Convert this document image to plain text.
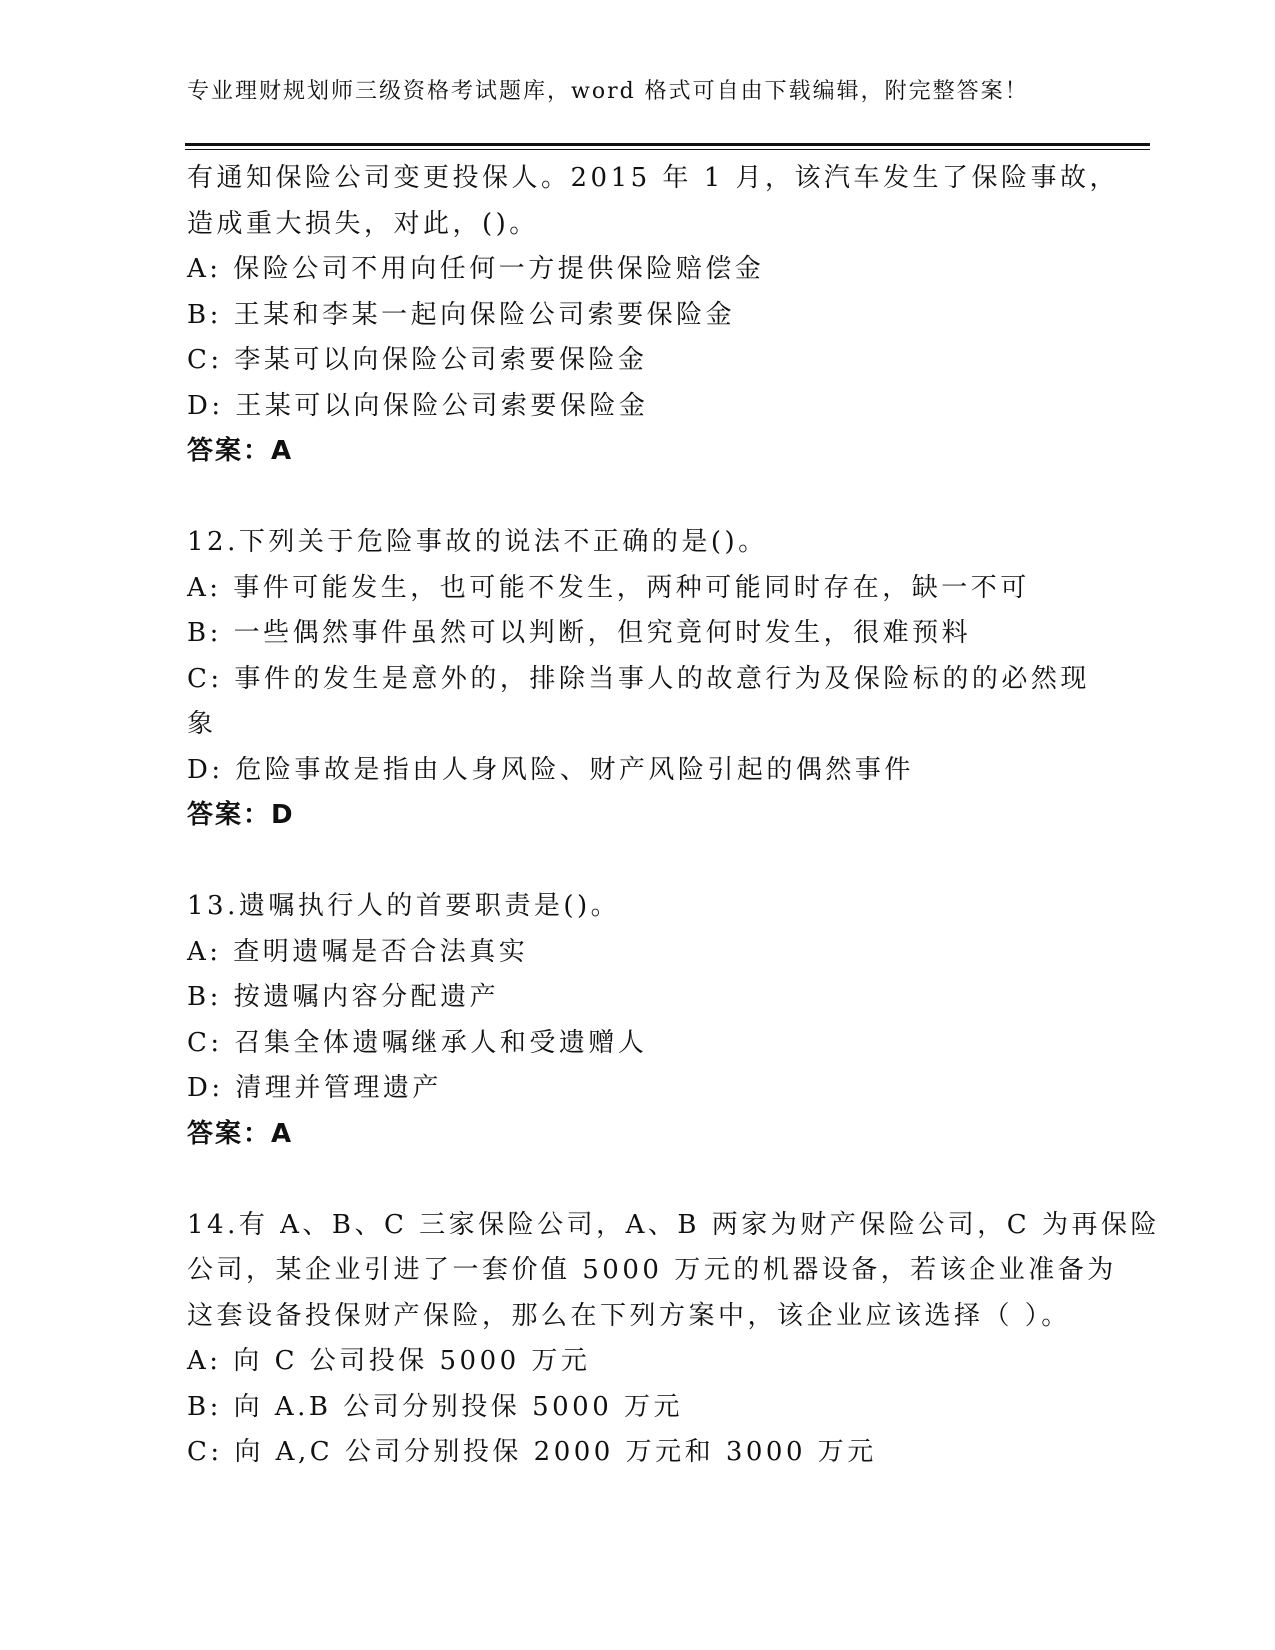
专业理财规划师三级资格考试题库，word 格式可自由下载编辑，附完整答案！
有通知保险公司变更投保人。2015 年 1 月，该汽车发生了保险事故，
造成重大损失，对此，()。
A: 保险公司不用向任何一方提供保险赔偿金
B: 王某和李某一起向保险公司索要保险金
C: 李某可以向保险公司索要保险金
D: 王某可以向保险公司索要保险金
答案：A
12.下列关于危险事故的说法不正确的是()。
A: 事件可能发生，也可能不发生，两种可能同时存在，缺一不可
B: 一些偶然事件虽然可以判断，但究竟何时发生，很难预料
C: 事件的发生是意外的，排除当事人的故意行为及保险标的的必然现
象
D: 危险事故是指由人身风险、财产风险引起的偶然事件
答案：D
13.遗嘱执行人的首要职责是()。
A: 查明遗嘱是否合法真实
B: 按遗嘱内容分配遗产
C: 召集全体遗嘱继承人和受遗赠人
D: 清理并管理遗产
答案：A
14.有 A、B、C 三家保险公司，A、B 两家为财产保险公司，C 为再保险
公司，某企业引进了一套价值 5000 万元的机器设备，若该企业准备为
这套设备投保财产保险，那么在下列方案中，该企业应该选择（ ）。
A: 向 C 公司投保 5000 万元
B: 向 A.B 公司分别投保 5000 万元
C: 向 A,C 公司分别投保 2000 万元和 3000 万元
